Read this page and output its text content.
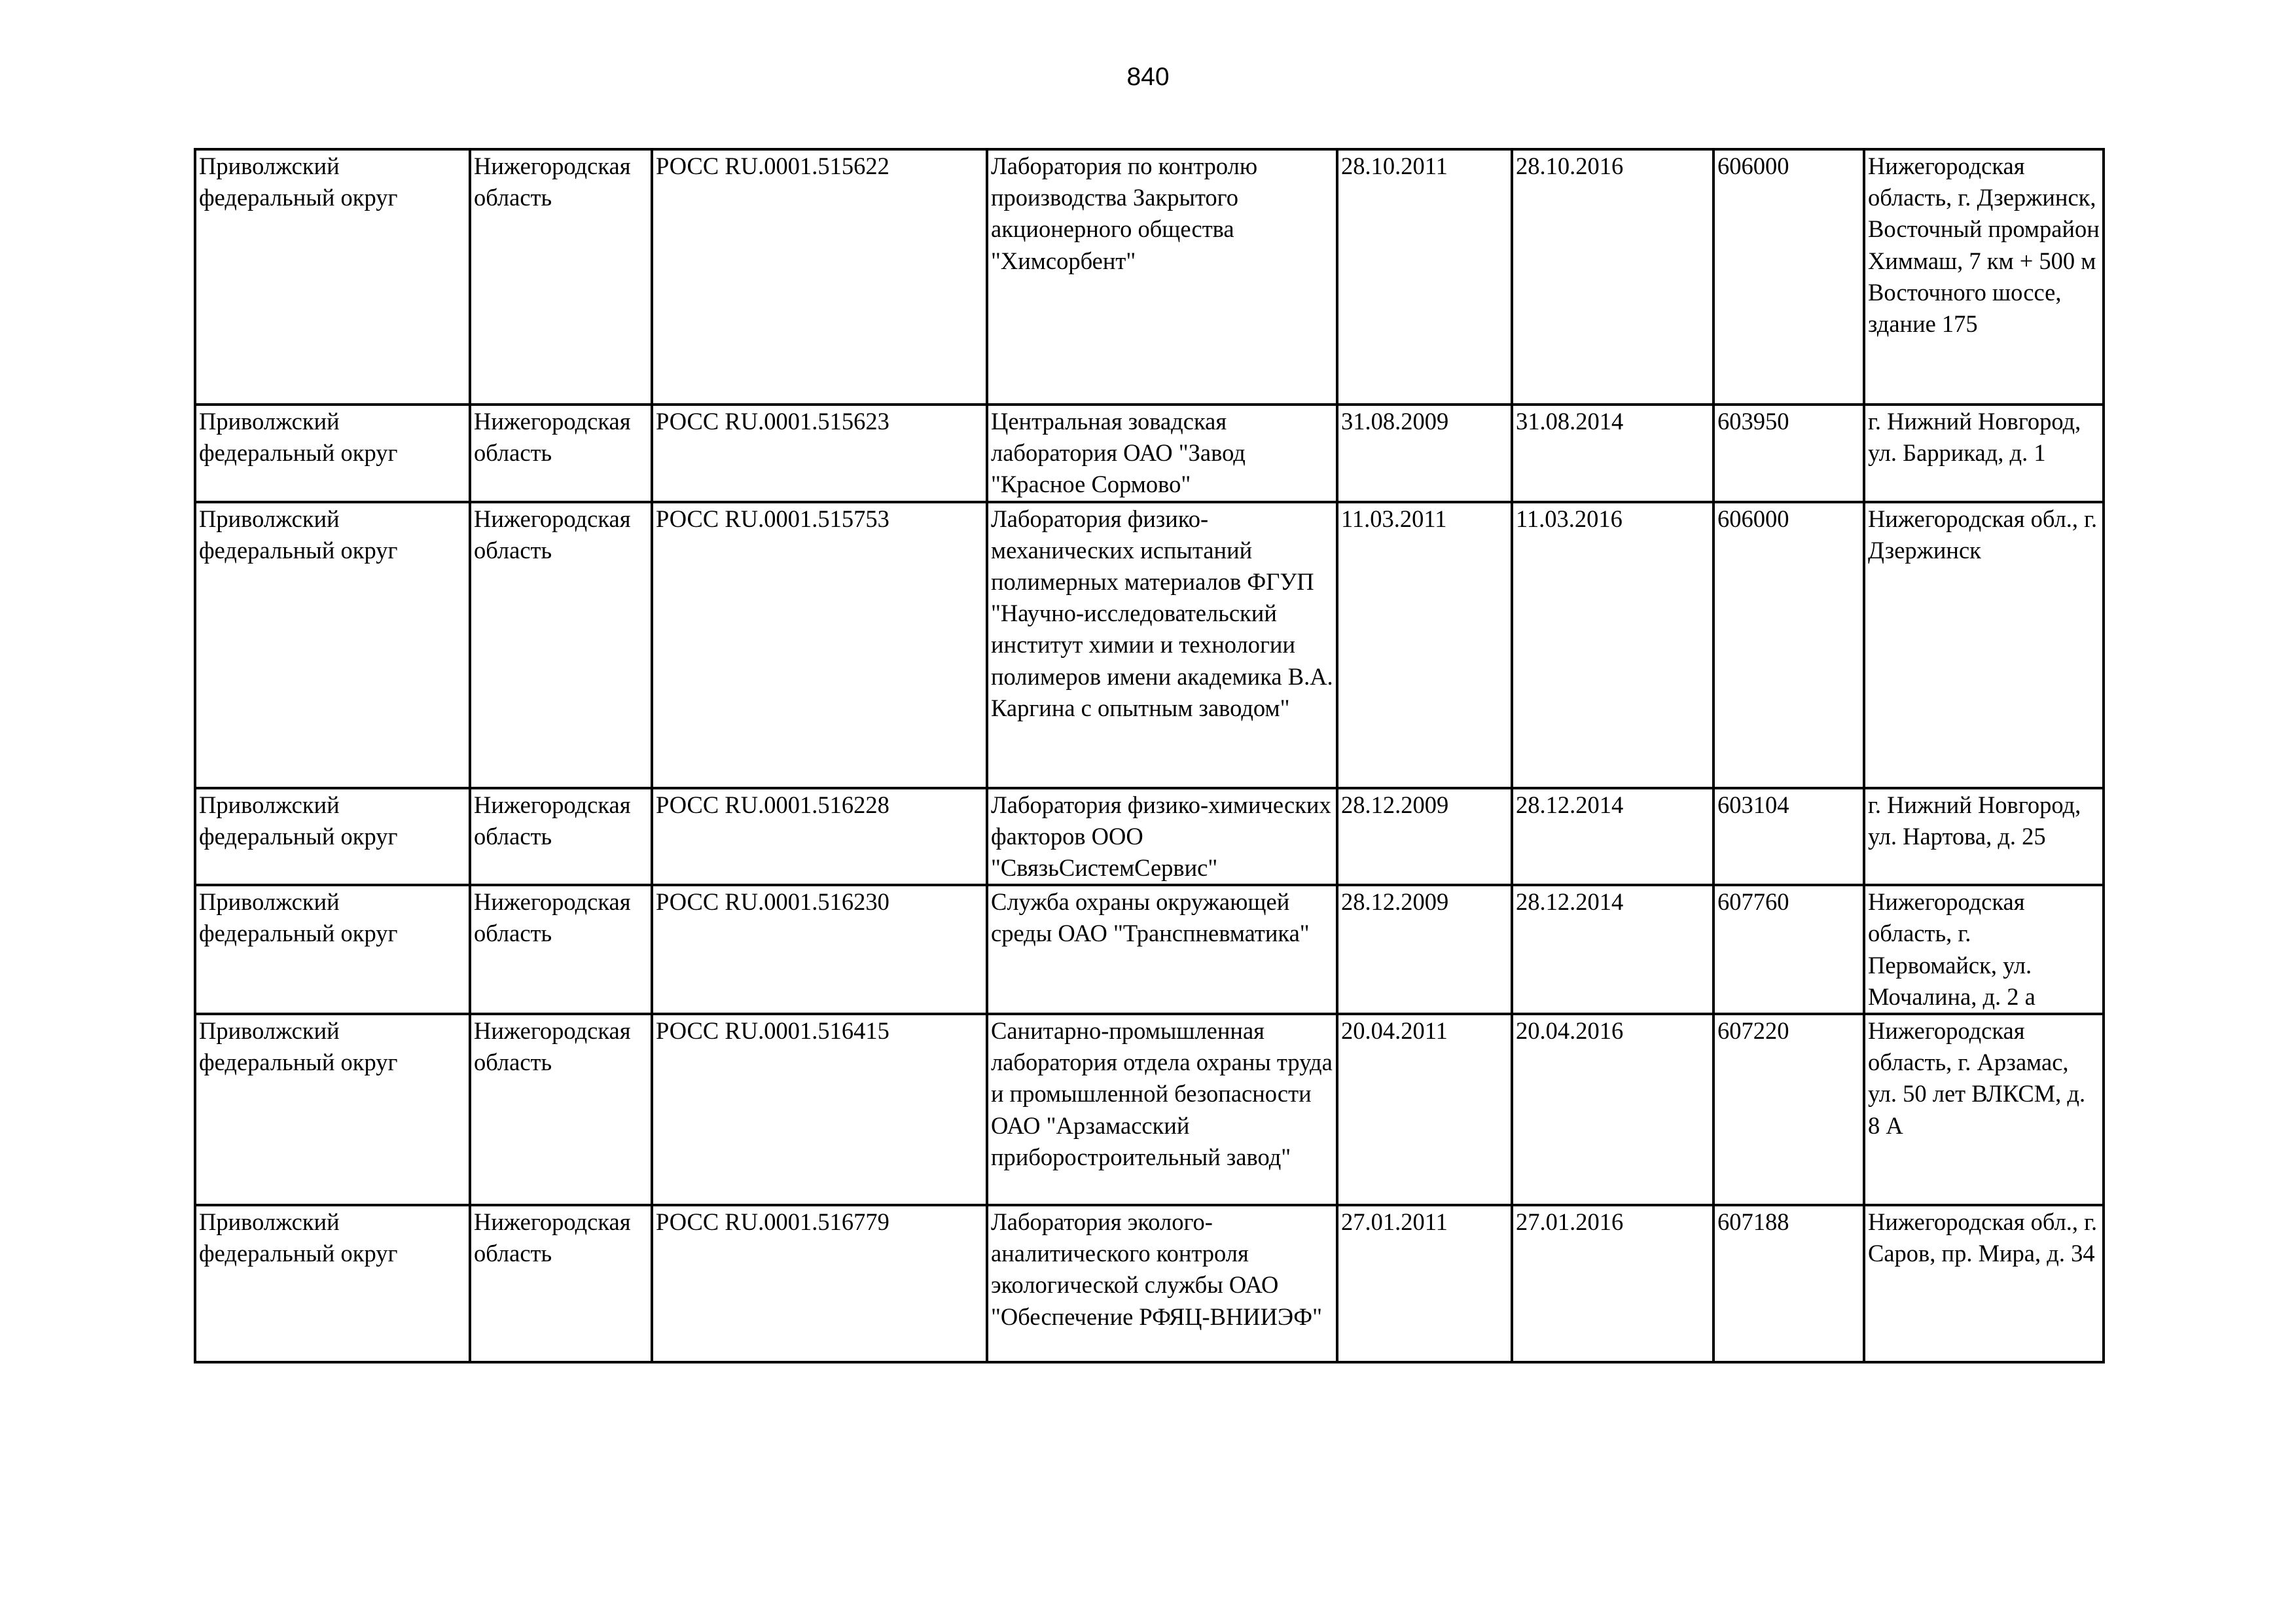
840
Приволжский федеральный округ	Нижегородская область	РОСС RU.0001.515622	Лаборатория по контролю производства Закрытого акционерного общества "Химсорбент"	28.10.2011	28.10.2016	606000	Нижегородская область, г. Дзержинск, Восточный промрайон Химмаш, 7 км + 500 м Восточного шоссе, здание 175
Приволжский федеральный округ	Нижегородская область	РОСС RU.0001.515623	Центральная зовадская лаборатория ОАО "Завод "Красное Сормово"	31.08.2009	31.08.2014	603950	г. Нижний Новгород, ул. Баррикад, д. 1
Приволжский федеральный округ	Нижегородская область	РОСС RU.0001.515753	Лаборатория физико-механических испытаний полимерных материалов ФГУП "Научно-исследовательский институт химии и технологии полимеров имени академика В.А. Каргина с опытным заводом"	11.03.2011	11.03.2016	606000	Нижегородская обл., г. Дзержинск
Приволжский федеральный округ	Нижегородская область	РОСС RU.0001.516228	Лаборатория физико-химических факторов ООО "СвязьСистемСервис"	28.12.2009	28.12.2014	603104	г. Нижний Новгород, ул. Нартова, д. 25
Приволжский федеральный округ	Нижегородская область	РОСС RU.0001.516230	Служба охраны окружающей среды ОАО "Транспневматика"	28.12.2009	28.12.2014	607760	Нижегородская область, г. Первомайск, ул. Мочалина, д. 2 а
Приволжский федеральный округ	Нижегородская область	РОСС RU.0001.516415	Санитарно-промышленная лаборатория отдела охраны труда и промышленной безопасности ОАО "Арзамасский приборостроительный завод"	20.04.2011	20.04.2016	607220	Нижегородская область, г. Арзамас, ул. 50 лет ВЛКСМ, д. 8 А
Приволжский федеральный округ	Нижегородская область	РОСС RU.0001.516779	Лаборатория эколого-аналитического контроля экологической службы ОАО "Обеспечение РФЯЦ-ВНИИЭФ"	27.01.2011	27.01.2016	607188	Нижегородская обл., г. Саров, пр. Мира, д. 34
